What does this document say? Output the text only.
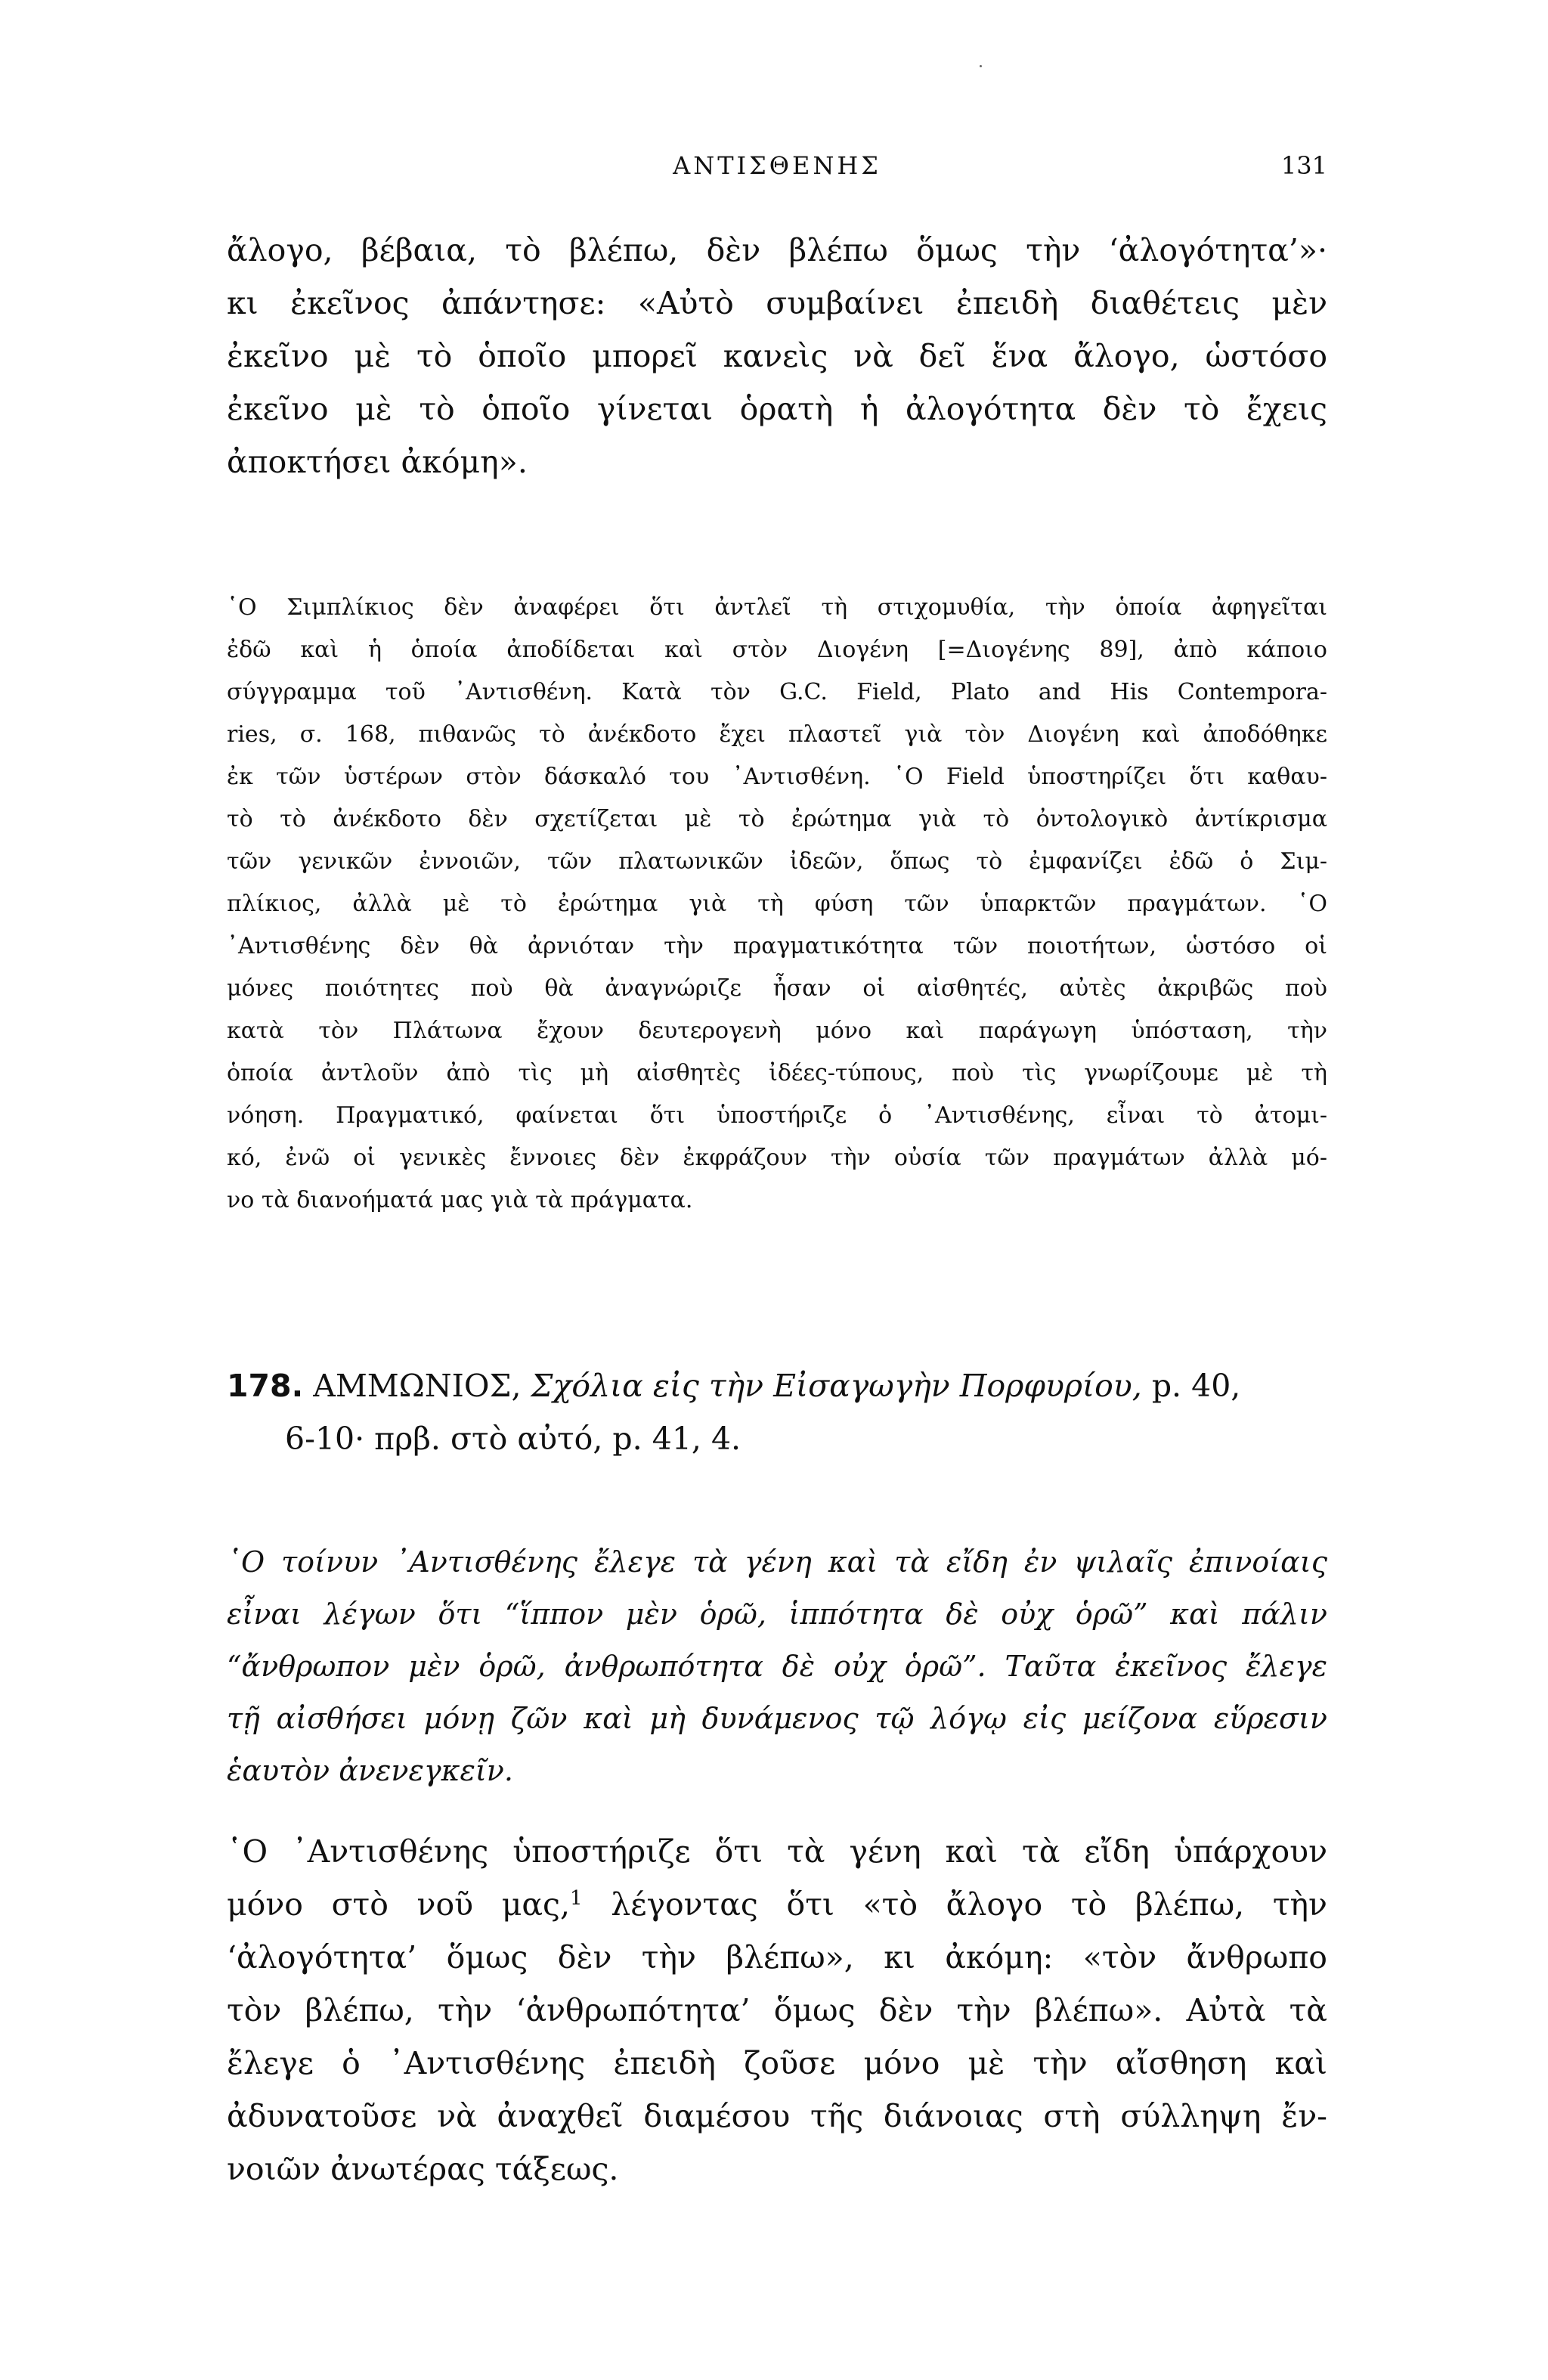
ΑΝΤΙΣΘΕΝΗΣ	131
ἄλογο, βέβαια, τὸ βλέπω, δὲν βλέπω ὅμως τὴν ‘ἀλογότητα’»·
κι ἐκεῖνος ἀπάντησε: «Αὐτὸ συμβαίνει ἐπειδὴ διαθέτεις μὲν
ἐκεῖνο μὲ τὸ ὁποῖο μπορεῖ κανεὶς νὰ δεῖ ἕνα ἄλογο, ὡστόσο
ἐκεῖνο μὲ τὸ ὁποῖο γίνεται ὁρατὴ ἡ ἀλογότητα δὲν τὸ ἔχεις
ἀποκτήσει ἀκόμη».
῾Ο Σιμπλίκιος δὲν ἀναφέρει ὅτι ἀντλεῖ τὴ στιχομυθία, τὴν ὁποία ἀφηγεῖται
ἐδῶ καὶ ἡ ὁποία ἀποδίδεται καὶ στὸν Διογένη [=Διογένης 89], ἀπὸ κάποιο
σύγγραμμα τοῦ ᾿Αντισθένη. Κατὰ τὸν G.C. Field, Plato and His Contempora-
ries, σ. 168, πιθανῶς τὸ ἀνέκδοτο ἔχει πλαστεῖ γιὰ τὸν Διογένη καὶ ἀποδόθηκε
ἐκ τῶν ὑστέρων στὸν δάσκαλό του ᾿Αντισθένη. ῾Ο Field ὑποστηρίζει ὅτι καθαυ-
τὸ τὸ ἀνέκδοτο δὲν σχετίζεται μὲ τὸ ἐρώτημα γιὰ τὸ ὀντολογικὸ ἀντίκρισμα
τῶν γενικῶν ἐννοιῶν, τῶν πλατωνικῶν ἰδεῶν, ὅπως τὸ ἐμφανίζει ἐδῶ ὁ Σιμ-
πλίκιος, ἀλλὰ μὲ τὸ ἐρώτημα γιὰ τὴ φύση τῶν ὑπαρκτῶν πραγμάτων. ῾Ο
᾿Αντισθένης δὲν θὰ ἀρνιόταν τὴν πραγματικότητα τῶν ποιοτήτων, ὡστόσο οἱ
μόνες ποιότητες ποὺ θὰ ἀναγνώριζε ἦσαν οἱ αἰσθητές, αὐτὲς ἀκριβῶς ποὺ
κατὰ τὸν Πλάτωνα ἔχουν δευτερογενὴ μόνο καὶ παράγωγη ὑπόσταση, τὴν
ὁποία ἀντλοῦν ἀπὸ τὶς μὴ αἰσθητὲς ἰδέες-τύπους, ποὺ τὶς γνωρίζουμε μὲ τὴ
νόηση. Πραγματικό, φαίνεται ὅτι ὑποστήριζε ὁ ᾿Αντισθένης, εἶναι τὸ ἀτομι-
κό, ἐνῶ οἱ γενικὲς ἔννοιες δὲν ἐκφράζουν τὴν οὐσία τῶν πραγμάτων ἀλλὰ μό-
νο τὰ διανοήματά μας γιὰ τὰ πράγματα.
178. ΑΜΜΩΝΙΟΣ, Σχόλια εἰς τὴν Εἰσαγωγὴν Πορφυρίου, p. 40,
6-10· πρβ. στὸ αὐτό, p. 41, 4.
῾Ο τοίνυν ᾿Αντισθένης ἔλεγε τὰ γένη καὶ τὰ εἴδη ἐν ψιλαῖς ἐπινοίαις
εἶναι λέγων ὅτι “ἵππον μὲν ὁρῶ, ἱππότητα δὲ οὐχ ὁρῶ” καὶ πάλιν
“ἄνθρωπον μὲν ὁρῶ, ἀνθρωπότητα δὲ οὐχ ὁρῶ”. Ταῦτα ἐκεῖνος ἔλεγε
τῇ αἰσθήσει μόνῃ ζῶν καὶ μὴ δυνάμενος τῷ λόγῳ εἰς μείζονα εὕρεσιν
ἑαυτὸν ἀνενεγκεῖν.
῾Ο ᾿Αντισθένης ὑποστήριζε ὅτι τὰ γένη καὶ τὰ εἴδη ὑπάρχουν
μόνο στὸ νοῦ μας,$^1$ λέγοντας ὅτι «τὸ ἄλογο τὸ βλέπω, τὴν
‘ἀλογότητα’ ὅμως δὲν τὴν βλέπω», κι ἀκόμη: «τὸν ἄνθρωπο
τὸν βλέπω, τὴν ‘ἀνθρωπότητα’ ὅμως δὲν τὴν βλέπω». Αὐτὰ τὰ
ἔλεγε ὁ ᾿Αντισθένης ἐπειδὴ ζοῦσε μόνο μὲ τὴν αἴσθηση καὶ
ἀδυνατοῦσε νὰ ἀναχθεῖ διαμέσου τῆς διάνοιας στὴ σύλληψη ἔν-
νοιῶν ἀνωτέρας τάξεως.
